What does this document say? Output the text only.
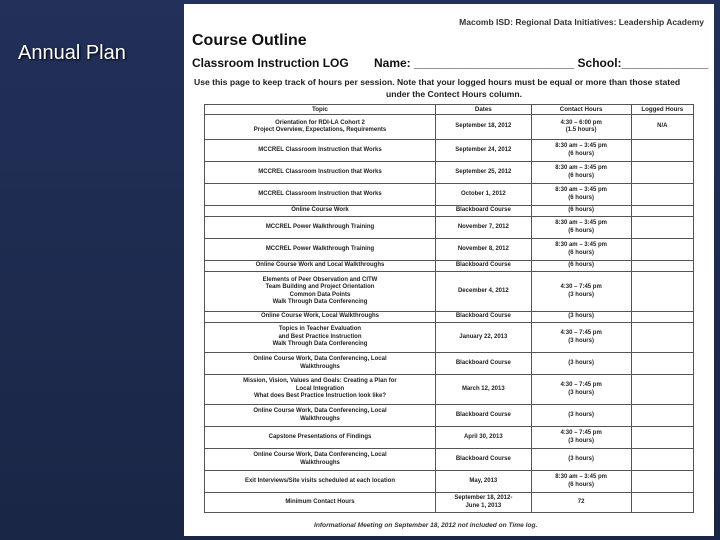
Annual Plan
Macomb ISD: Regional Data Initiatives: Leadership Academy
Course Outline
Classroom Instruction LOG Name: ________________________ School:_____________
Use this page to keep track of hours per session. Note that your logged hours must be equal or more than those stated
under the Contect Hours column.
Topic	Dates	Contact Hours	Logged Hours

Orientation for RDI-LA Cohort 2
Project Overview, Expectations, Requirements	September 18, 2012	4:30 – 6:00 pm
(1.5 hours)	N/A

MCCREL Classroom Instruction that Works	September 24, 2012	8:30 am – 3:45 pm
(6 hours)	

MCCREL Classroom Instruction that Works	September 25, 2012	8:30 am – 3:45 pm
(6 hours)	

MCCREL Classroom Instruction that Works	October 1, 2012	8:30 am – 3:45 pm
(6 hours)	

Online Course Work	Blackboard Course	(6 hours)	

MCCREL Power Walkthrough Training	November 7, 2012	8:30 am – 3:45 pm
(6 hours)	

MCCREL Power Walkthrough Training	November 8, 2012	8:30 am – 3:45 pm
(6 hours)	

Online Course Work and Local Walkthroughs	Blackboard Course	(6 hours)	

Elements of Peer Observation and CITW
Team Building and Project Orientation
Common Data Points
Walk Through Data Conferencing	December 4, 2012	4:30 – 7:45 pm
(3 hours)	

Online Course Work, Local Walkthroughs	Blackboard Course	(3 hours)	

Topics in Teacher Evaluation
and Best Practice Instruction
Walk Through Data Conferencing	January 22, 2013	4:30 – 7:45 pm
(3 hours)	

Online Course Work, Data Conferencing, Local
Walkthroughs	Blackboard Course	(3 hours)	

Mission, Vision, Values and Goals: Creating a Plan for
Local Integration
What does Best Practice Instruction look like?	March 12, 2013	4:30 – 7:45 pm
(3 hours)	

Online Course Work, Data Conferencing, Local
Walkthroughs	Blackboard Course	(3 hours)	

Capstone Presentations of Findings	April 30, 2013	4:30 – 7:45 pm
(3 hours)	

Online Course Work, Data Conferencing, Local
Walkthroughs	Blackboard Course	(3 hours)	

Exit Interviews/Site visits scheduled at each location	May, 2013	8:30 am – 3:45 pm
(6 hours)	

Minimum Contact Hours	September 18, 2012-
June 1, 2013	72	

Informational Meeting on September 18, 2012 not included on Time log.
